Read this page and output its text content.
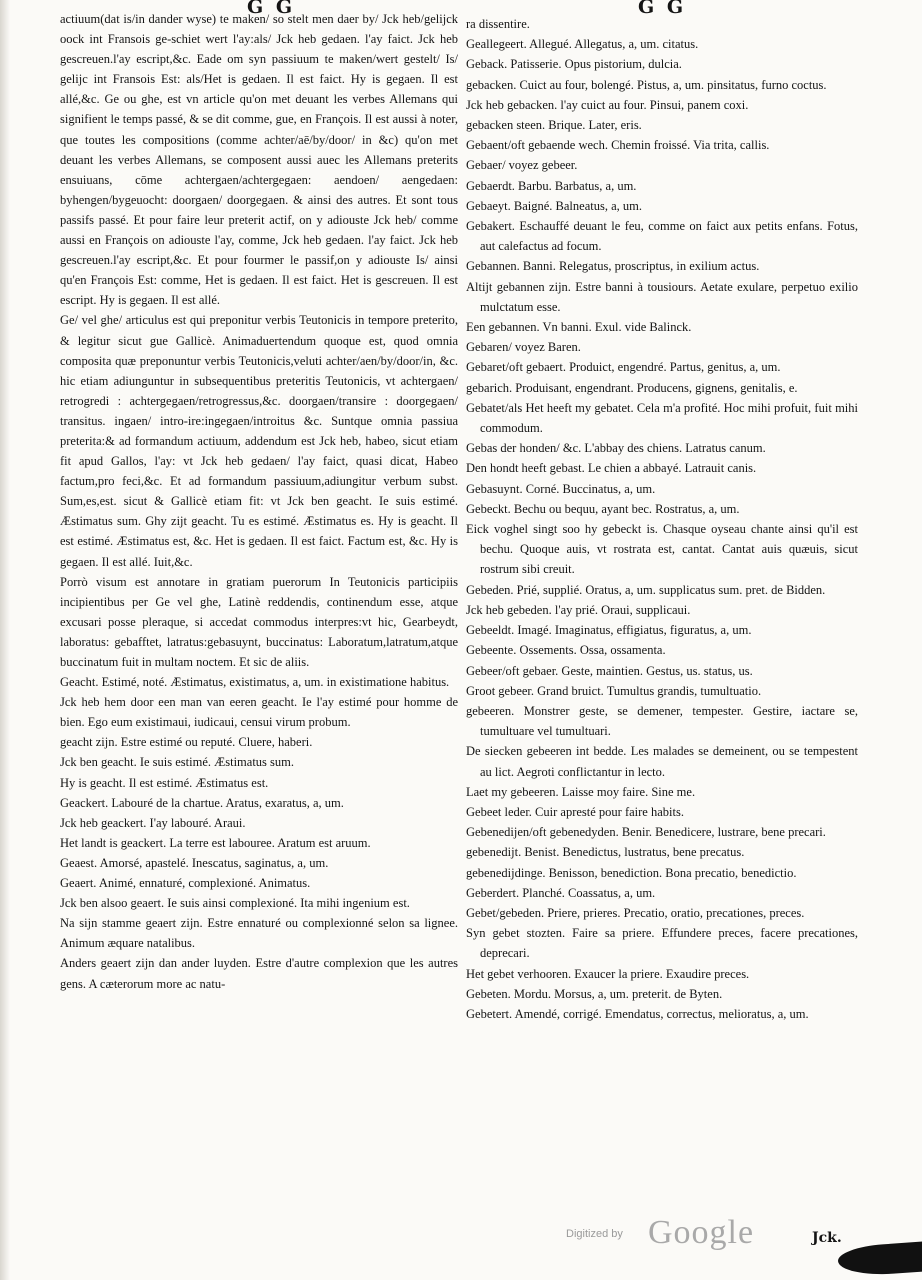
G G	G G

actiuum(dat is/in dander wyse) te maken/ so stelt men daer by/ Jck heb/gelijck oock int Fransois ge-schiet wert l'ay:als/ Jck heb gedaen. l'ay faict. Jck heb gescreuen.l'ay escript,&c. Eade om syn passiuum te maken/wert gestelt/ Is/ gelijc int Fransois Est: als/Het is gedaen. Il est faict. Hy is gegaen. Il est allé,&c. Ge ou ghe, est vn article qu'on met deuant les verbes Allemans qui signifient le temps passé, & se dit comme, gue, en François. Il est aussi à noter, que toutes les compositions (comme achter/aē/by/door/ in &c) qu'on met deuant les verbes Allemans, se composent aussi auec les Allemans preterits ensuiuans, cōme achtergaen/achtergegaen: aendoen/ aengedaen: byhengen/bygeuocht: doorgaen/ doorgegaen. & ainsi des autres. Et sont tous passifs passé. Et pour faire leur preterit actif, on y adiouste Jck heb/ comme aussi en François on adiouste l'ay, comme, Jck heb gedaen. l'ay faict. Jck heb gescreuen.l'ay escript,&c. Et pour fourmer le passif,on y adiouste Is/ ainsi qu'en François Est: comme, Het is gedaen. Il est faict. Het is gescreuen. Il est escript. Hy is gegaen. Il est allé.

Ge/ vel ghe/ articulus est qui preponitur verbis Teutonicis in tempore preterito, & legitur sicut gue Gallicè. Animaduertendum quoque est, quod omnia composita quæ preponuntur verbis Teutonicis,veluti achter/aen/by/door/in, &c. hic etiam adiunguntur in subsequentibus preteritis Teutonicis, vt achtergaen/ retrogredi : achtergegaen/retrogressus,&c. doorgaen/transire : doorgegaen/ transitus. ingaen/ intro-ire:ingegaen/introitus &c. Suntque omnia passiua preterita:& ad formandum actiuum, addendum est Jck heb, habeo, sicut etiam fit apud Gallos, l'ay: vt Jck heb gedaen/ l'ay faict, quasi dicat, Habeo factum,pro feci,&c. Et ad formandum passiuum,adiungitur verbum subst. Sum,es,est. sicut & Gallicè etiam fit: vt Jck ben geacht. Ie suis estimé. Æstimatus sum. Ghy zijt geacht. Tu es estimé. Æstimatus es. Hy is geacht. Il est estimé. Æstimatus est, &c. Het is gedaen. Il est faict. Factum est, &c. Hy is gegaen. Il est allé. Iuit,&c.

Porrò visum est annotare in gratiam puerorum In Teutonicis participiis incipientibus per Ge vel ghe, Latinè reddendis, continendum esse, atque excusari posse pleraque, si accedat commodus interpres:vt hic, Gearbeydt, laboratus: gebafftet, latratus:gebasuynt, buccinatus: Laboratum,latratum,atque buccinatum fuit in multam noctem. Et sic de aliis.

Geacht. Estimé, noté. Æstimatus, existimatus, a, um. in existimatione habitus.

Jck heb hem door een man van eeren geacht. Ie l'ay estimé pour homme de bien. Ego eum existimaui, iudicaui, censui virum probum.

geacht zijn. Estre estimé ou reputé. Cluere, haberi.

Jck ben geacht. Ie suis estimé. Æstimatus sum.

Hy is geacht. Il est estimé. Æstimatus est.

Geackert. Labouré de la chartue. Aratus, exaratus, a, um.

Jck heb geackert. I'ay labouré. Araui.

Het landt is geackert. La terre est labouree. Aratum est aruum.

Geaest. Amorsé, apastelé. Inescatus, saginatus, a, um.

Geaert. Animé, ennaturé, complexioné. Animatus.

Jck ben alsoo geaert. Ie suis ainsi complexioné. Ita mihi ingenium est.

Na sijn stamme geaert zijn. Estre ennaturé ou complexionné selon sa lignee. Animum æquare natalibus.

Anders geaert zijn dan ander luyden. Estre d'autre complexion que les autres gens. A cæterorum more ac natu-

ra dissentire.

Geallegeert. Allegué. Allegatus, a, um. citatus.

Geback. Patisserie. Opus pistorium, dulcia.

gebacken. Cuict au four, bolengé. Pistus, a, um. pinsitatus, furno coctus.

Jck heb gebacken. l'ay cuict au four. Pinsui, panem coxi.

gebacken steen. Brique. Later, eris.

Gebaent/oft gebaende wech. Chemin froissé. Via trita, callis.

Gebaer/ voyez gebeer.

Gebaerdt. Barbu. Barbatus, a, um.

Gebaeyt. Baigné. Balneatus, a, um.

Gebakert. Eschauffé deuant le feu, comme on faict aux petits enfans. Fotus, aut calefactus ad focum.

Gebannen. Banni. Relegatus, proscriptus, in exilium actus.

Altijt gebannen zijn. Estre banni à tousiours. Aetate exulare, perpetuo exilio mulctatum esse.

Een gebannen. Vn banni. Exul. vide Balinck.

Gebaren/ voyez Baren.

Gebaret/oft gebaert. Produict, engendré. Partus, genitus, a, um.

gebarich. Produisant, engendrant. Producens, gignens, genitalis, e.

Gebatet/als Het heeft my gebatet. Cela m'a profité. Hoc mihi profuit, fuit mihi commodum.

Gebas der honden/ &c. L'abbay des chiens. Latratus canum.

Den hondt heeft gebast. Le chien a abbayé. Latrauit canis.

Gebasuynt. Corné. Buccinatus, a, um.

Gebeckt. Bechu ou bequu, ayant bec. Rostratus, a, um.

Eick voghel singt soo hy gebeckt is. Chasque oyseau chante ainsi qu'il est bechu. Quoque auis, vt rostrata est, cantat. Cantat auis quæuis, sicut rostrum sibi creuit.

Gebeden. Prié, supplié. Oratus, a, um. supplicatus sum. pret. de Bidden.

Jck heb gebeden. l'ay prié. Oraui, supplicaui.

Gebeeldt. Imagé. Imaginatus, effigiatus, figuratus, a, um.

Gebeente. Ossements. Ossa, ossamenta.

Gebeer/oft gebaer. Geste, maintien. Gestus, us. status, us.

Groot gebeer. Grand bruict. Tumultus grandis, tumultuatio.

gebeeren. Monstrer geste, se demener, tempester. Gestire, iactare se, tumultuare vel tumultuari.

De siecken gebeeren int bedde. Les malades se demeinent, ou se tempestent au lict. Aegroti conflictantur in lecto.

Laet my gebeeren. Laisse moy faire. Sine me.

Gebeet leder. Cuir apresté pour faire habits.

Gebenedijen/oft gebenedyden. Benir. Benedicere, lustrare, bene precari.

gebenedijt. Benist. Benedictus, lustratus, bene precatus.

gebenedijdinge. Benisson, benediction. Bona precatio, benedictio.

Geberdert. Planché. Coassatus, a, um.

Gebet/gebeden. Priere, prieres. Precatio, oratio, precationes, preces.

Syn gebet stozten. Faire sa priere. Effundere preces, facere precationes, deprecari.

Het gebet verhooren. Exaucer la priere. Exaudire preces.

Gebeten. Mordu. Morsus, a, um. preterit. de Byten.

Gebetert. Amendé, corrigé. Emendatus, correctus, melioratus, a, um.

Digitized by Google	Jck.
